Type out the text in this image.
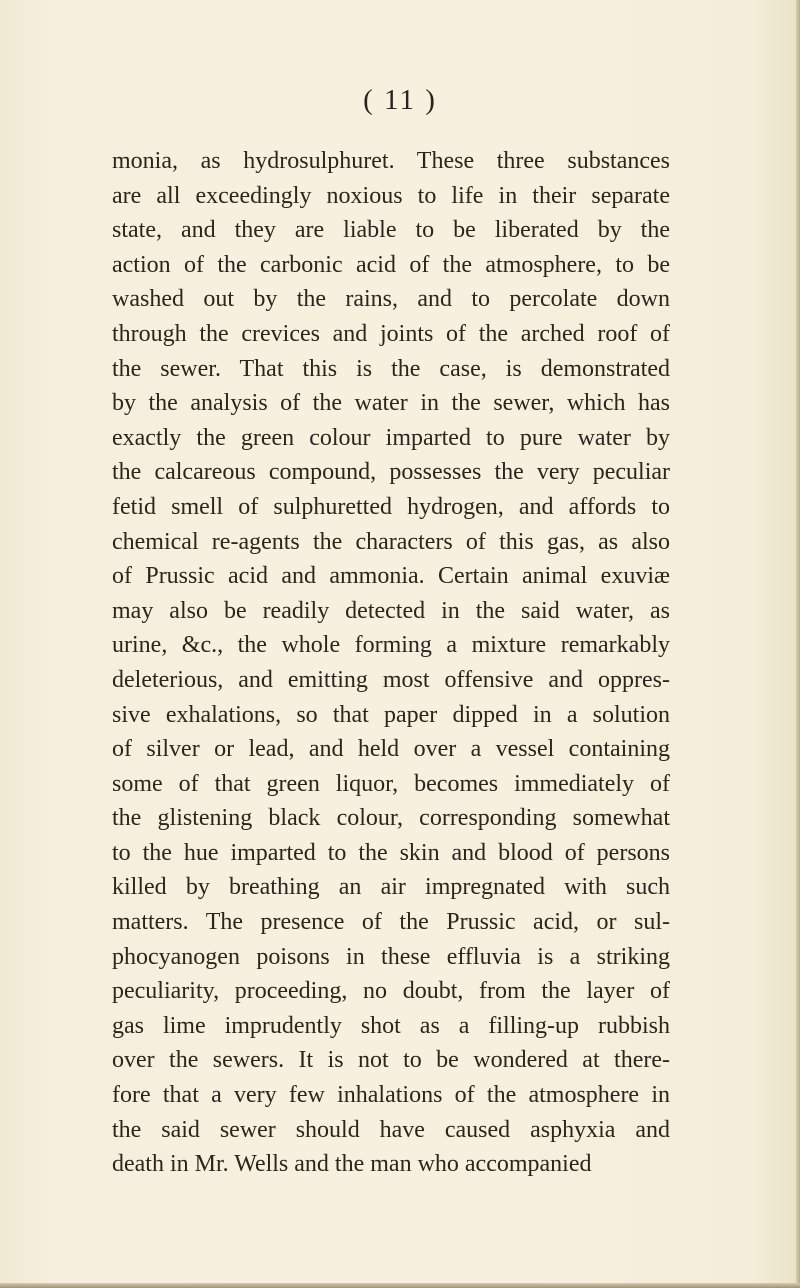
( 11 )
monia, as hydrosulphuret. These three substances
are all exceedingly noxious to life in their separate
state, and they are liable to be liberated by the
action of the carbonic acid of the atmosphere, to be
washed out by the rains, and to percolate down
through the crevices and joints of the arched roof of
the sewer. That this is the case, is demonstrated
by the analysis of the water in the sewer, which has
exactly the green colour imparted to pure water by
the calcareous compound, possesses the very peculiar
fetid smell of sulphuretted hydrogen, and affords to
chemical re-agents the characters of this gas, as also
of Prussic acid and ammonia. Certain animal exuviæ
may also be readily detected in the said water, as
urine, &c., the whole forming a mixture remarkably
deleterious, and emitting most offensive and oppres-
sive exhalations, so that paper dipped in a solution
of silver or lead, and held over a vessel containing
some of that green liquor, becomes immediately of
the glistening black colour, corresponding somewhat
to the hue imparted to the skin and blood of persons
killed by breathing an air impregnated with such
matters. The presence of the Prussic acid, or sul-
phocyanogen poisons in these effluvia is a striking
peculiarity, proceeding, no doubt, from the layer of
gas lime imprudently shot as a filling-up rubbish
over the sewers. It is not to be wondered at there-
fore that a very few inhalations of the atmosphere in
the said sewer should have caused asphyxia and
death in Mr. Wells and the man who accompanied
